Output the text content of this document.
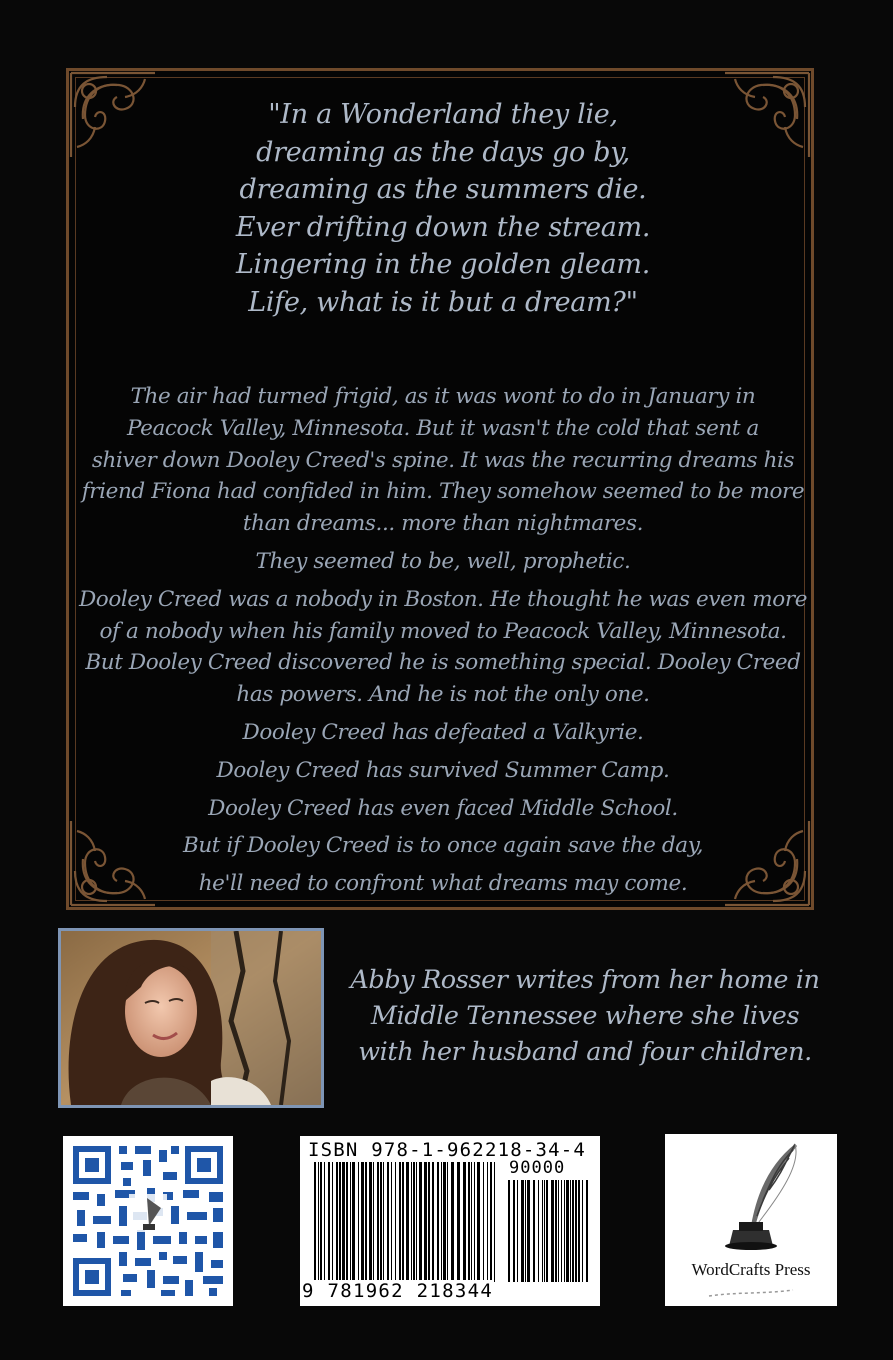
"In a Wonderland they lie,
dreaming as the days go by,
dreaming as the summers die.
Ever drifting down the stream.
Lingering in the golden gleam.
Life, what is it but a dream?"
The air had turned frigid, as it was wont to do in January in
Peacock Valley, Minnesota. But it wasn't the cold that sent a
shiver down Dooley Creed's spine. It was the recurring dreams his
friend Fiona had confided in him. They somehow seemed to be more
than dreams... more than nightmares.
They seemed to be, well, prophetic.
Dooley Creed was a nobody in Boston. He thought he was even more
of a nobody when his family moved to Peacock Valley, Minnesota.
But Dooley Creed discovered he is something special. Dooley Creed
has powers. And he is not the only one.
Dooley Creed has defeated a Valkyrie.
Dooley Creed has survived Summer Camp.
Dooley Creed has even faced Middle School.
But if Dooley Creed is to once again save the day,
he'll need to confront what dreams may come.
Abby Rosser writes from her home in
Middle Tennessee where she lives
with her husband and four children.
ISBN 978-1-962218-34-4
90000
9 781962 218344
WordCrafts Press
